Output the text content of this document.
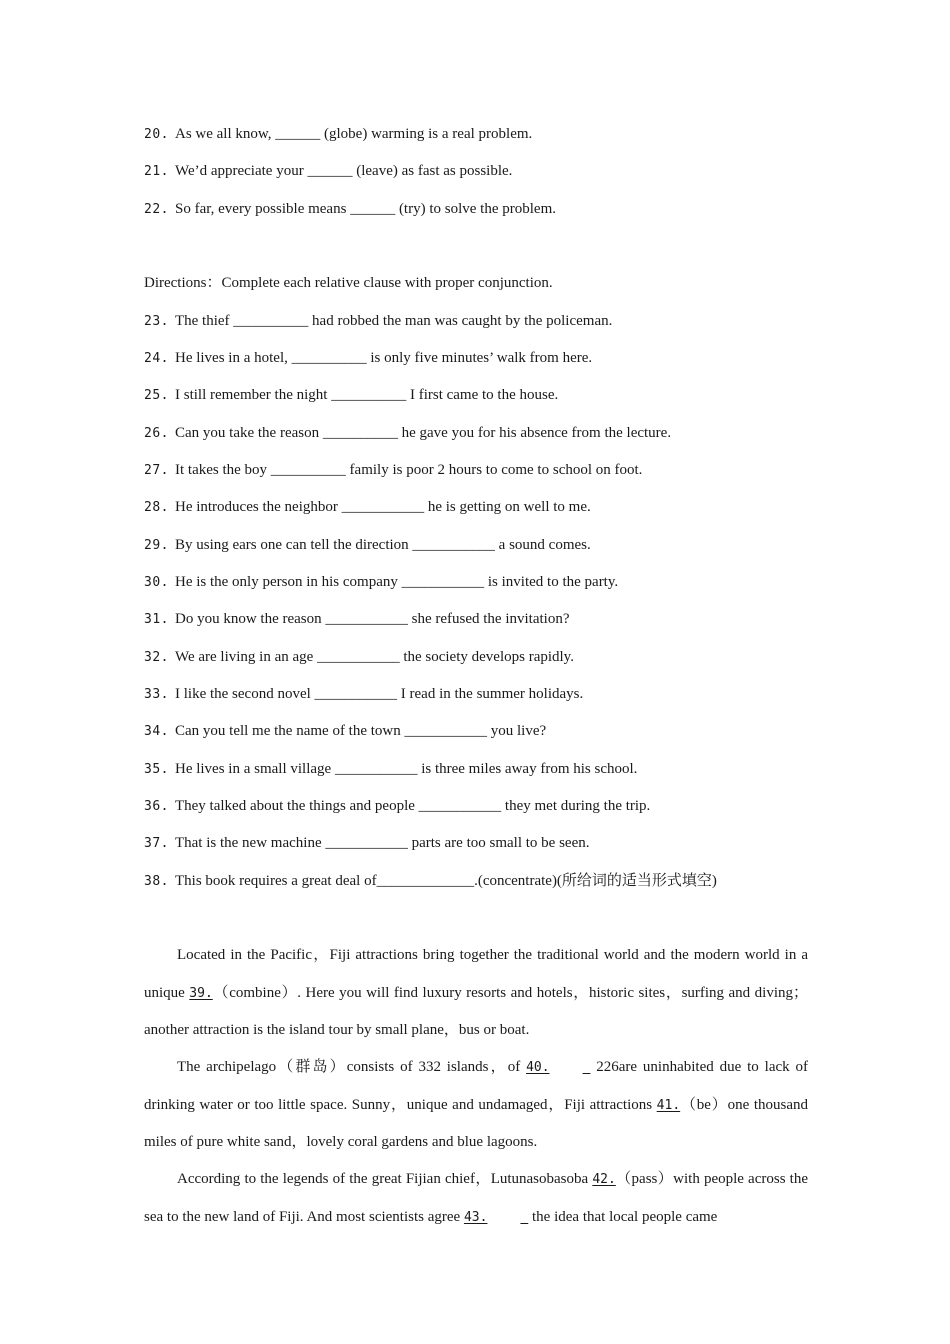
20. As we all know, ______ (globe) warming is a real problem.
21. We’d appreciate your ______ (leave) as fast as possible.
22. So far, every possible means ______ (try) to solve the problem.
Directions：Complete each relative clause with proper conjunction.
23. The thief __________ had robbed the man was caught by the policeman.
24. He lives in a hotel, __________ is only five minutes’ walk from here.
25. I still remember the night __________ I first came to the house.
26. Can you take the reason __________ he gave you for his absence from the lecture.
27. It takes the boy __________ family is poor 2 hours to come to school on foot.
28. He introduces the neighbor ___________ he is getting on well to me.
29. By using ears one can tell the direction ___________ a sound comes.
30. He is the only person in his company ___________ is invited to the party.
31. Do you know the reason ___________ she refused the invitation?
32. We are living in an age ___________ the society develops rapidly.
33. I like the second novel ___________ I read in the summer holidays.
34. Can you tell me the name of the town ___________ you live?
35. He lives in a small village ___________ is three miles away from his school.
36. They talked about the things and people ___________ they met during the trip.
37. That is the new machine ___________ parts are too small to be seen.
38. This book requires a great deal of_____________.(concentrate)(所给词的适当形式填空)

Located in the Pacific，Fiji attractions bring together the traditional world and the modern world in a unique 39.（combine）. Here you will find luxury resorts and hotels，historic sites，surfing and diving；another attraction is the island tour by small plane，bus or boat.

The archipelago（群岛）consists of 332 islands，of 40.	226are uninhabited due to lack of drinking water or too little space. Sunny，unique and undamaged，Fiji attractions 41.（be）one thousand miles of pure white sand，lovely coral gardens and blue lagoons.

According to the legends of the great Fijian chief，Lutunasobasoba 42.（pass）with people across the sea to the new land of Fiji. And most scientists agree 43.	the idea that local people came
